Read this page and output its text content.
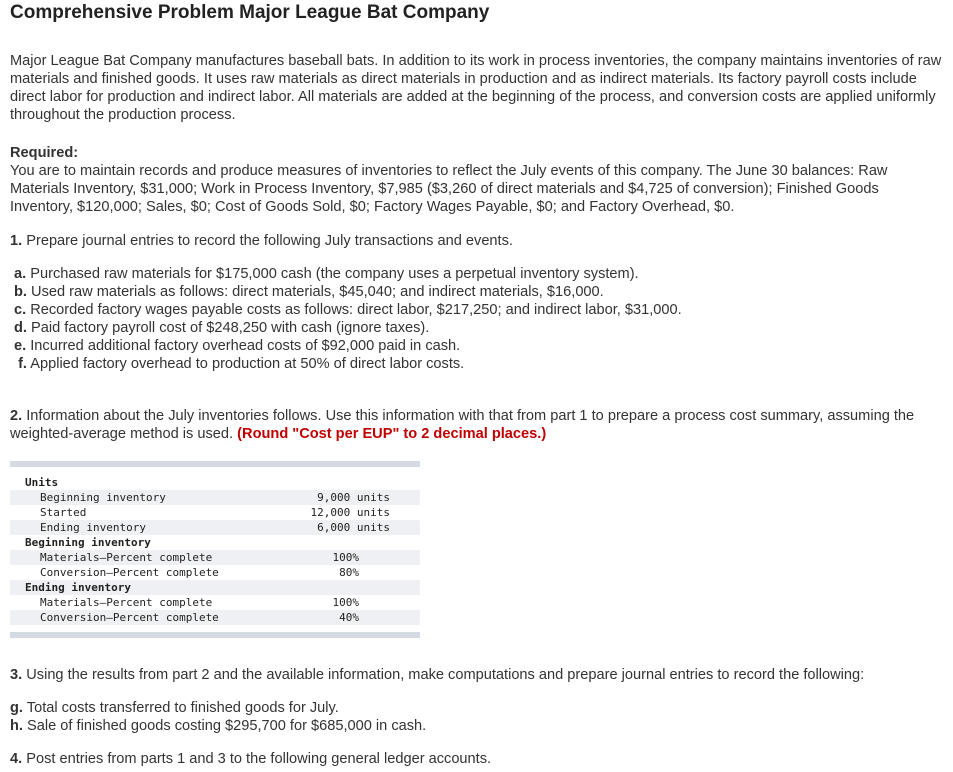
Comprehensive Problem Major League Bat Company

Major League Bat Company manufactures baseball bats. In addition to its work in process inventories, the company maintains inventories of raw materials and finished goods. It uses raw materials as direct materials in production and as indirect materials. Its factory payroll costs include direct labor for production and indirect labor. All materials are added at the beginning of the process, and conversion costs are applied uniformly throughout the production process.

Required:

You are to maintain records and produce measures of inventories to reflect the July events of this company. The June 30 balances: Raw Materials Inventory, $31,000; Work in Process Inventory, $7,985 ($3,260 of direct materials and $4,725 of conversion); Finished Goods Inventory, $120,000; Sales, $0; Cost of Goods Sold, $0; Factory Wages Payable, $0; and Factory Overhead, $0.

1. Prepare journal entries to record the following July transactions and events.

a. Purchased raw materials for $175,000 cash (the company uses a perpetual inventory system).
b. Used raw materials as follows: direct materials, $45,040; and indirect materials, $16,000.
c. Recorded factory wages payable costs as follows: direct labor, $217,250; and indirect labor, $31,000.
d. Paid factory payroll cost of $248,250 with cash (ignore taxes).
e. Incurred additional factory overhead costs of $92,000 paid in cash.
f. Applied factory overhead to production at 50% of direct labor costs.

2. Information about the July inventories follows. Use this information with that from part 1 to prepare a process cost summary, assuming the weighted-average method is used. (Round "Cost per EUP" to 2 decimal places.)

Units	
Beginning inventory	9,000 units
Started	12,000 units
Ending inventory	6,000 units
Beginning inventory	
Materials—Percent complete	100%
Conversion—Percent complete	80%
Ending inventory	
Materials—Percent complete	100%
Conversion—Percent complete	40%

3. Using the results from part 2 and the available information, make computations and prepare journal entries to record the following:

g. Total costs transferred to finished goods for July.
h. Sale of finished goods costing $295,700 for $685,000 in cash.

4. Post entries from parts 1 and 3 to the following general ledger accounts.
